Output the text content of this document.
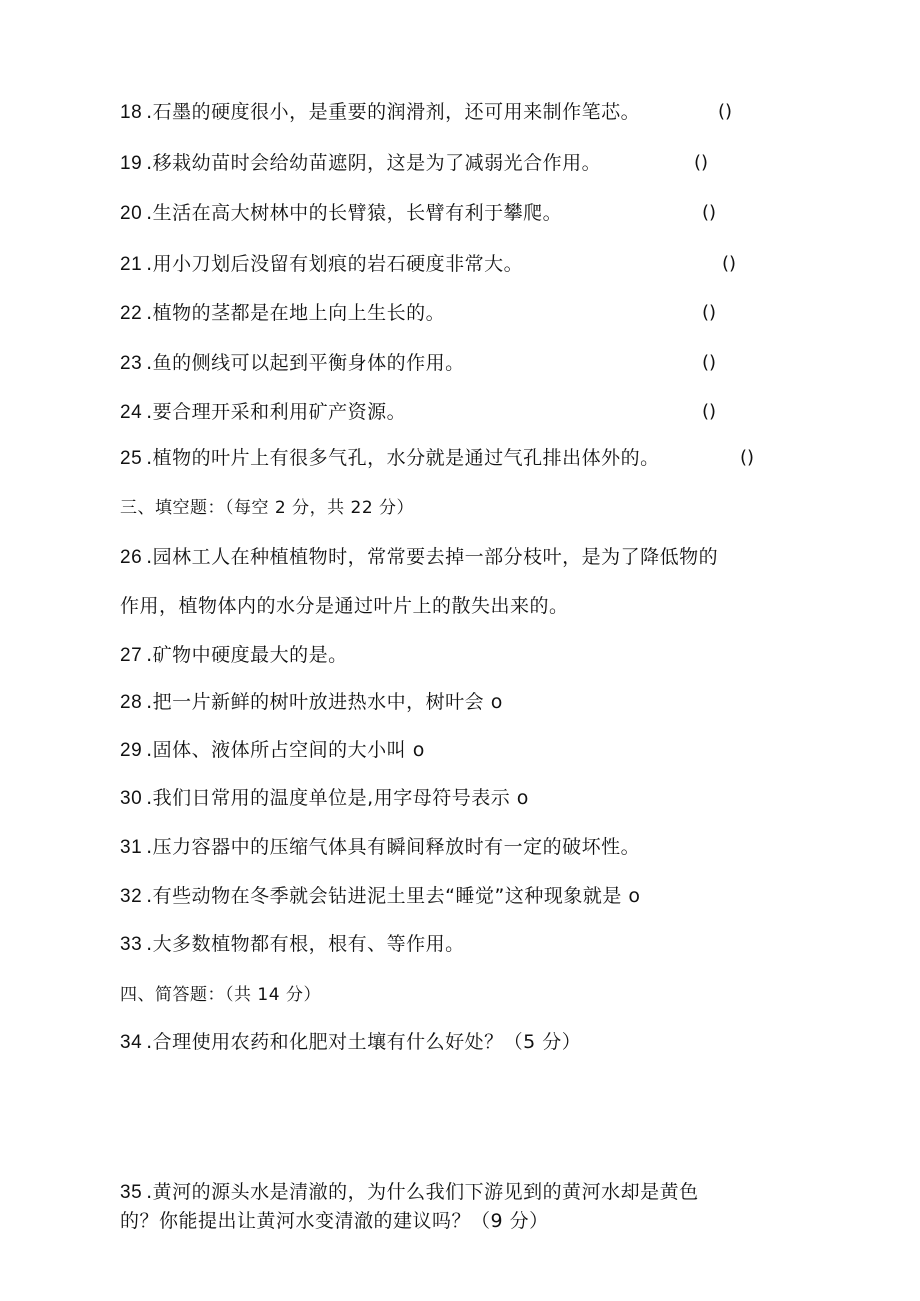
18 .石墨的硬度很小，是重要的润滑剂，还可用来制作笔芯。	()
19 .移栽幼苗时会给幼苗遮阴，这是为了减弱光合作用。	()
20 .生活在高大树林中的长臂猿，长臂有利于攀爬。	()
21 .用小刀划后没留有划痕的岩石硬度非常大。	()
22 .植物的茎都是在地上向上生长的。	()
23 .鱼的侧线可以起到平衡身体的作用。	()
24 .要合理开采和利用矿产资源。	()
25 .植物的叶片上有很多气孔，水分就是通过气孔排出体外的。	()
三、填空题：（每空 2 分，共 22 分）
26 .园林工人在种植植物时，常常要去掉一部分枝叶，是为了降低物的
作用，植物体内的水分是通过叶片上的散失出来的。
27 .矿物中硬度最大的是。
28 .把一片新鲜的树叶放进热水中，树叶会 o
29 .固体、液体所占空间的大小叫 o
30 .我们日常用的温度单位是,用字母符号表示 o
31 .压力容器中的压缩气体具有瞬间释放时有一定的破坏性。
32 .有些动物在冬季就会钻进泥土里去“睡觉”这种现象就是 o
33 .大多数植物都有根，根有、等作用。
四、简答题：（共 14 分）
34 .合理使用农药和化肥对土壤有什么好处？（5 分）
35 .黄河的源头水是清澈的，为什么我们下游见到的黄河水却是黄色
的？你能提出让黄河水变清澈的建议吗？（9 分）
